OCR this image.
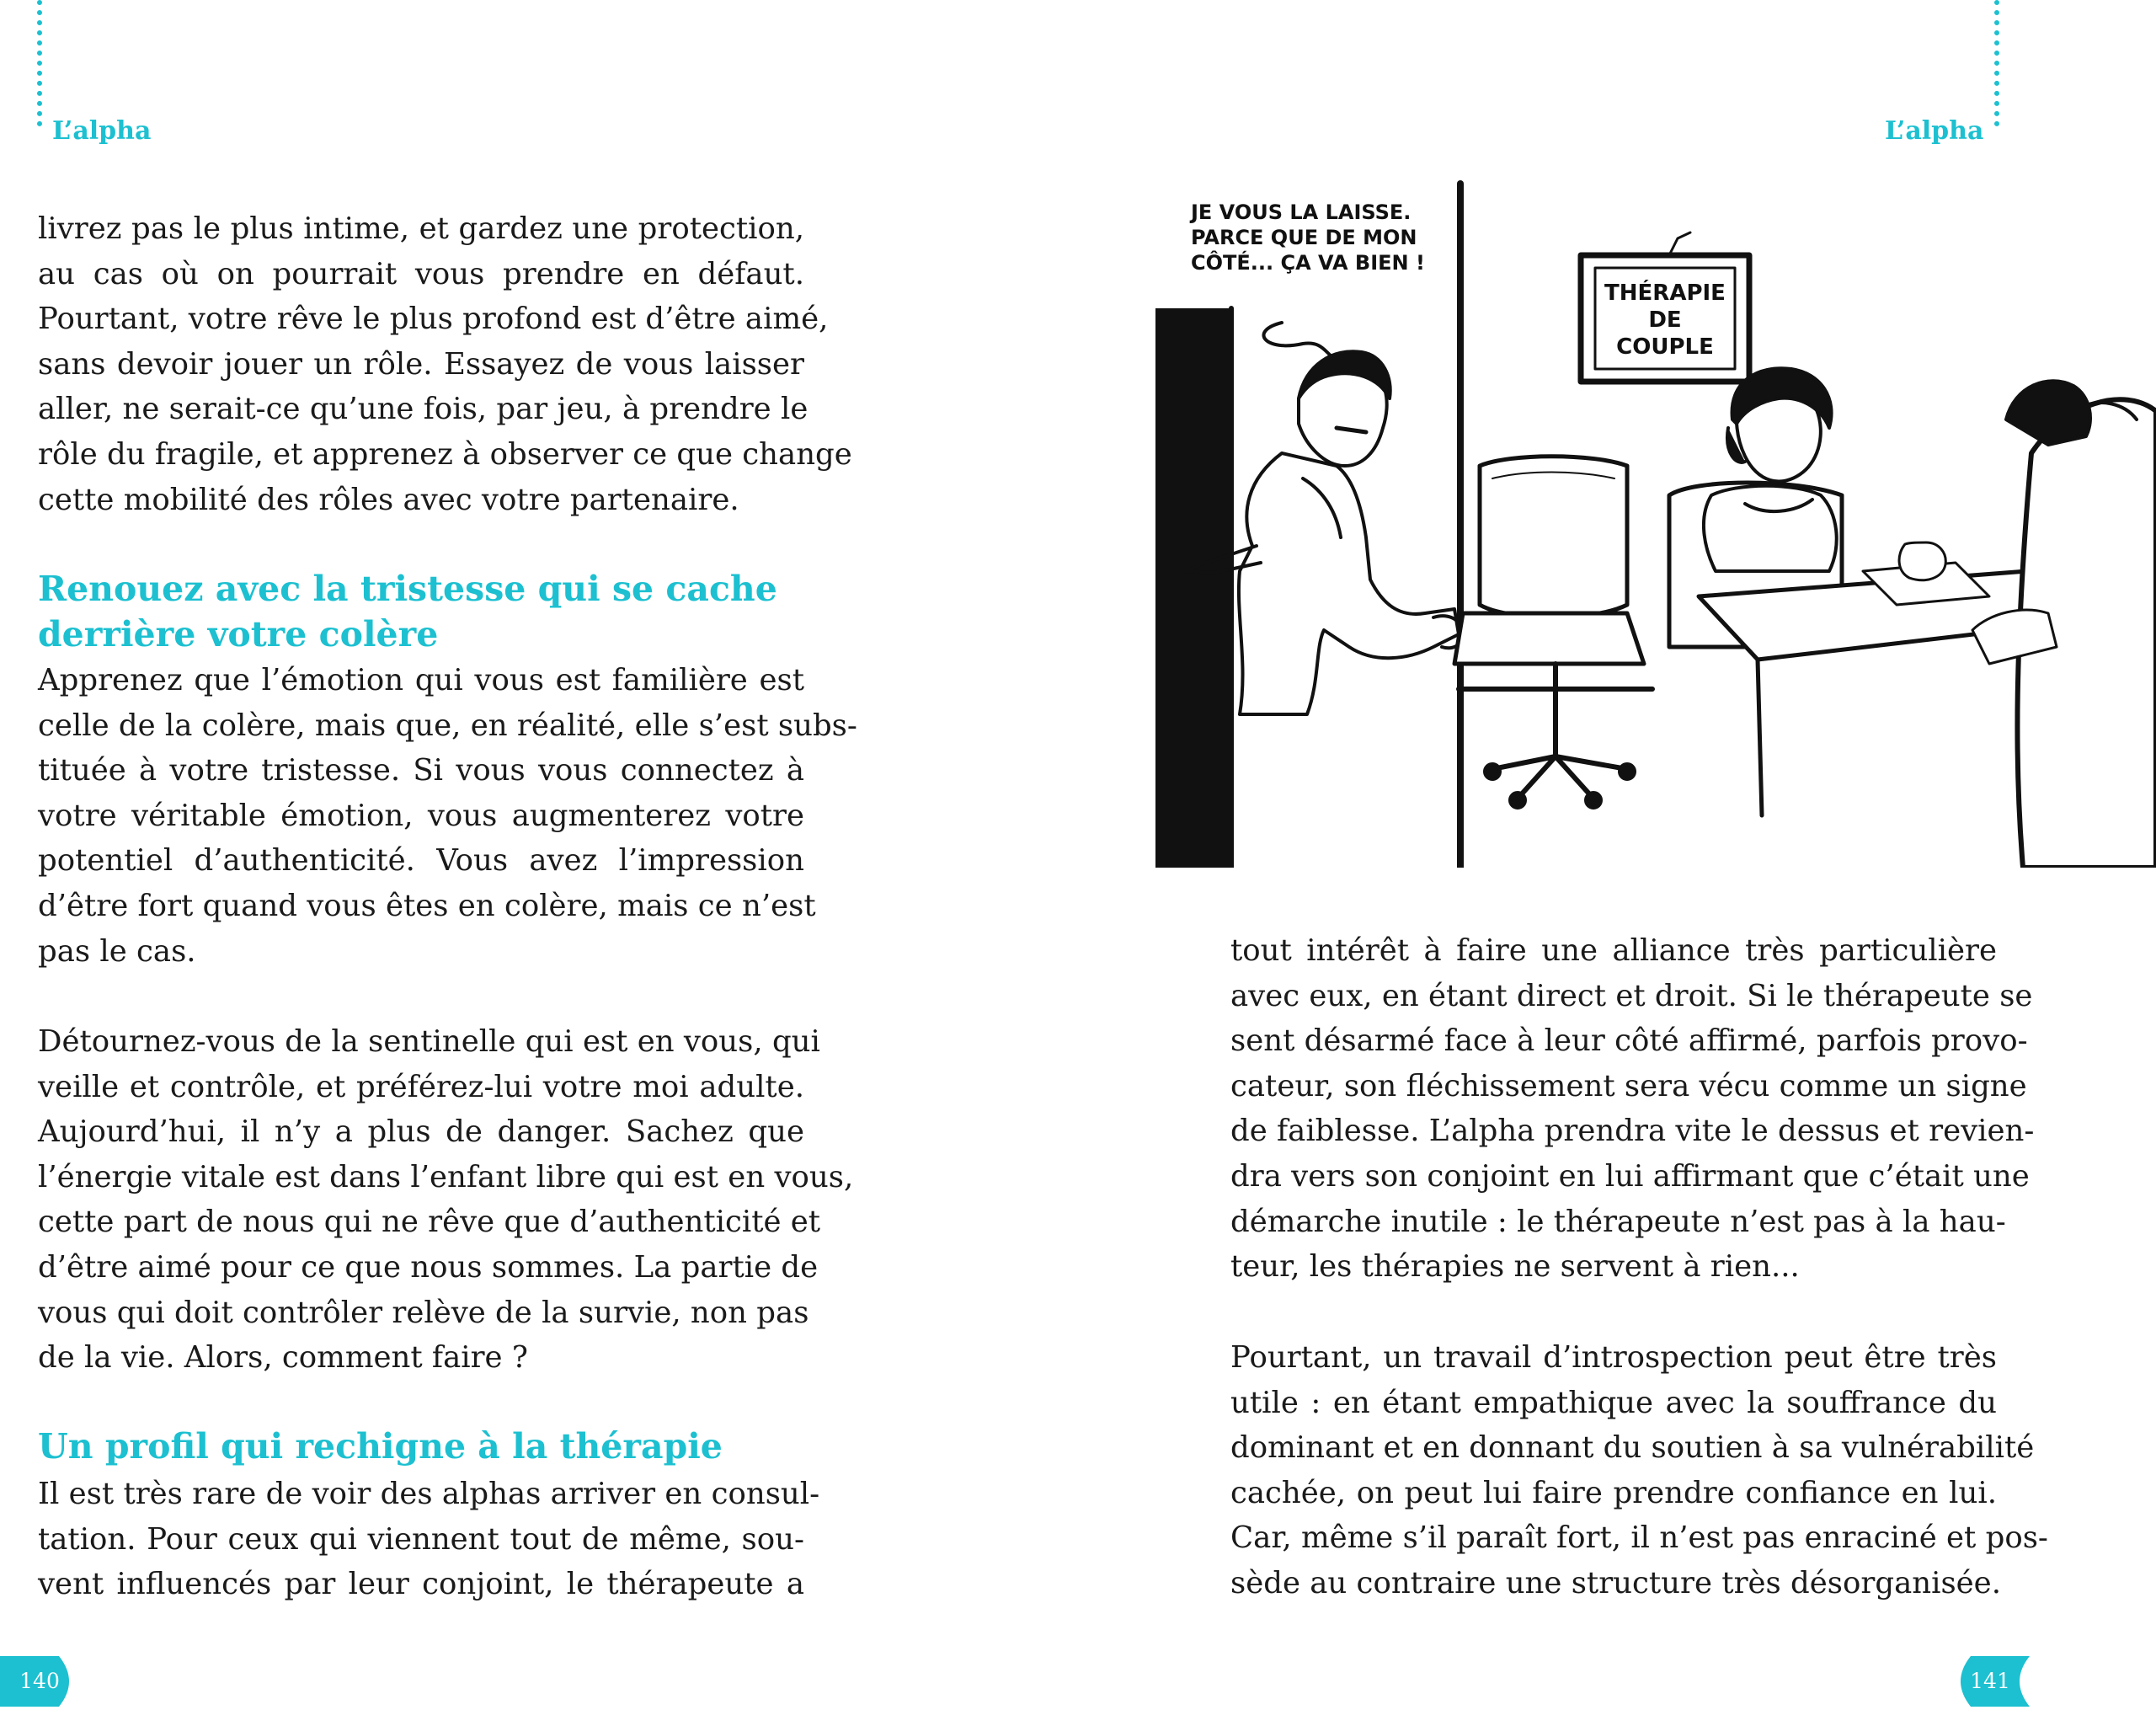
L’alpha
livrez pas le plus intime, et gardez une protection,
au cas où on pourrait vous prendre en défaut.
Pourtant, votre rêve le plus profond est d’être aimé,
sans devoir jouer un rôle. Essayez de vous laisser
aller, ne serait-ce qu’une fois, par jeu, à prendre le
rôle du fragile, et apprenez à observer ce que change
cette mobilité des rôles avec votre partenaire.
Renouez avec la tristesse qui se cache
derrière votre colère
Apprenez que l’émotion qui vous est familière est
celle de la colère, mais que, en réalité, elle s’est subs-
tituée à votre tristesse. Si vous vous connectez à
votre véritable émotion, vous augmenterez votre
potentiel d’authenticité. Vous avez l’impression
d’être fort quand vous êtes en colère, mais ce n’est
pas le cas.
Détournez-vous de la sentinelle qui est en vous, qui
veille et contrôle, et préférez-lui votre moi adulte.
Aujourd’hui, il n’y a plus de danger. Sachez que
l’énergie vitale est dans l’enfant libre qui est en vous,
cette part de nous qui ne rêve que d’authenticité et
d’être aimé pour ce que nous sommes. La partie de
vous qui doit contrôler relève de la survie, non pas
de la vie. Alors, comment faire ?
Un profil qui rechigne à la thérapie
Il est très rare de voir des alphas arriver en consul-
tation. Pour ceux qui viennent tout de même, sou-
vent influencés par leur conjoint, le thérapeute a
140
L’alpha
JE VOUS LA LAISSE.
PARCE QUE DE MON
CÔTÉ... ÇA VA BIEN !
THÉRAPIE
DE
COUPLE
tout intérêt à faire une alliance très particulière
avec eux, en étant direct et droit. Si le thérapeute se
sent désarmé face à leur côté affirmé, parfois provo-
cateur, son fléchissement sera vécu comme un signe
de faiblesse. L’alpha prendra vite le dessus et revien-
dra vers son conjoint en lui affirmant que c’était une
démarche inutile : le thérapeute n’est pas à la hau-
teur, les thérapies ne servent à rien...
Pourtant, un travail d’introspection peut être très
utile : en étant empathique avec la souffrance du
dominant et en donnant du soutien à sa vulnérabilité
cachée, on peut lui faire prendre confiance en lui.
Car, même s’il paraît fort, il n’est pas enraciné et pos-
sède au contraire une structure très désorganisée.
141
